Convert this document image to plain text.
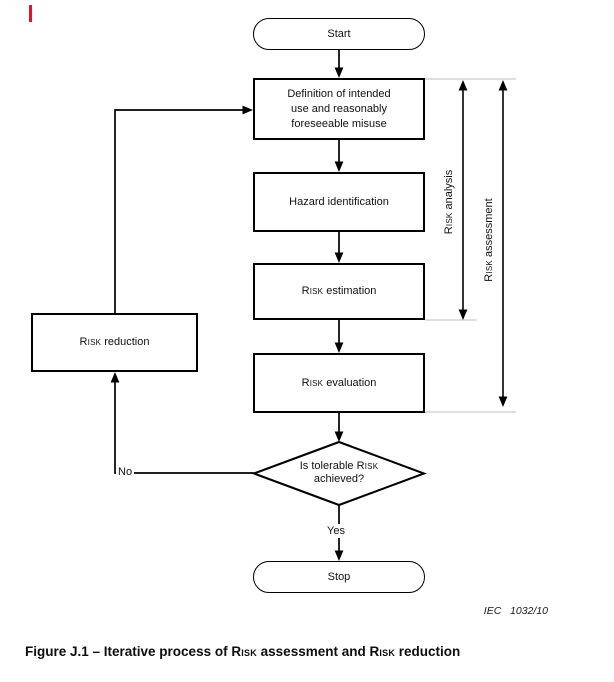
Start
Definition of intended use and reasonably foreseeable misuse
Hazard identification
Risk estimation
Risk evaluation
Risk reduction
Is tolerable Risk achieved?
Stop
Yes
No
Risk analysis
Risk assessment
IEC   1032/10
Figure J.1 – Iterative process of Risk assessment and Risk reduction
